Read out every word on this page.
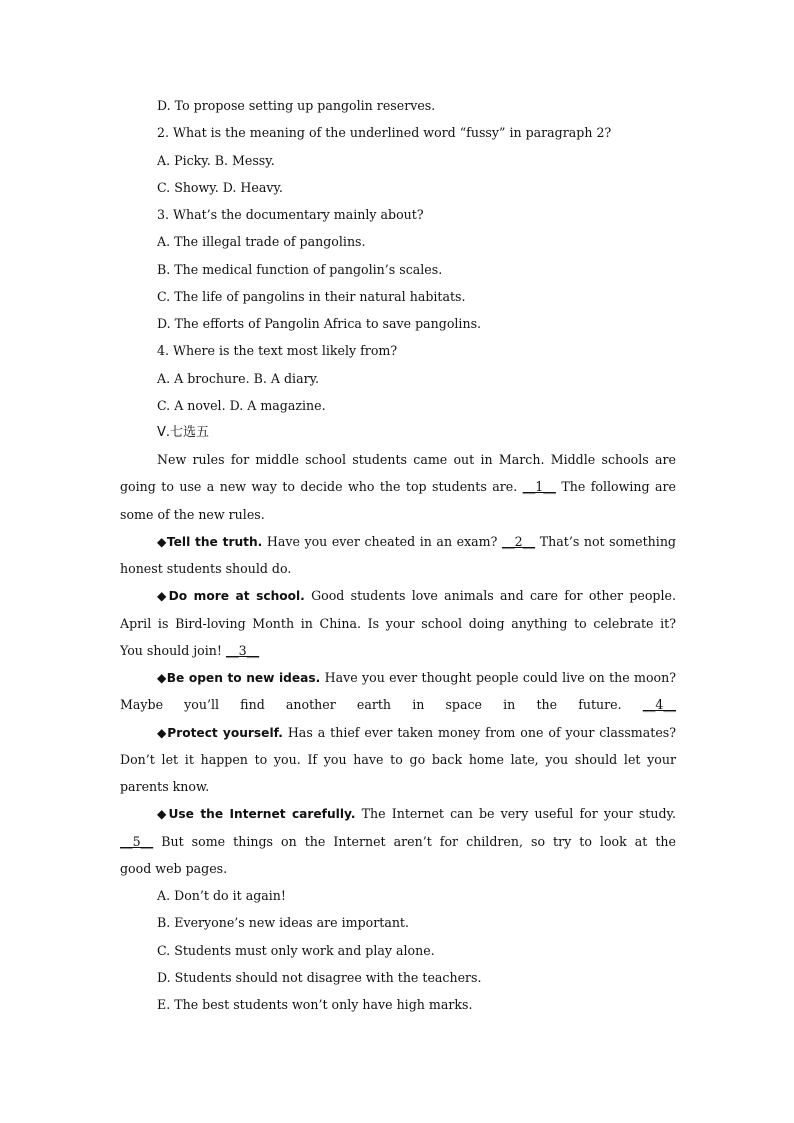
D. To propose setting up pangolin reserves.
2. What is the meaning of the underlined word “fussy” in paragraph 2?
A. Picky. B. Messy.
C. Showy. D. Heavy.
3. What’s the documentary mainly about?
A. The illegal trade of pangolins.
B. The medical function of pangolin’s scales.
C. The life of pangolins in their natural habitats.
D. The efforts of Pangolin Africa to save pangolins.
4. Where is the text most likely from?
A. A brochure. B. A diary.
C. A novel. D. A magazine.
Ⅴ.七选五
New rules for middle school students came out in March. Middle schools are
going to use a new way to decide who the top students are. __1__ The following are
some of the new rules.
◆Tell the truth. Have you ever cheated in an exam? __2__ That’s not something
honest students should do.
◆Do more at school. Good students love animals and care for other people.
April is Bird-loving Month in China. Is your school doing anything to celebrate it?
You should join! __3__
◆Be open to new ideas. Have you ever thought people could live on the moon?
Maybe you’ll find another earth in space in the future. __4__
◆Protect yourself. Has a thief ever taken money from one of your classmates?
Don’t let it happen to you. If you have to go back home late, you should let your
parents know.
◆Use the Internet carefully. The Internet can be very useful for your study.
__5__ But some things on the Internet aren’t for children, so try to look at the
good web pages.
A. Don’t do it again!
B. Everyone’s new ideas are important.
C. Students must only work and play alone.
D. Students should not disagree with the teachers.
E. The best students won’t only have high marks.
